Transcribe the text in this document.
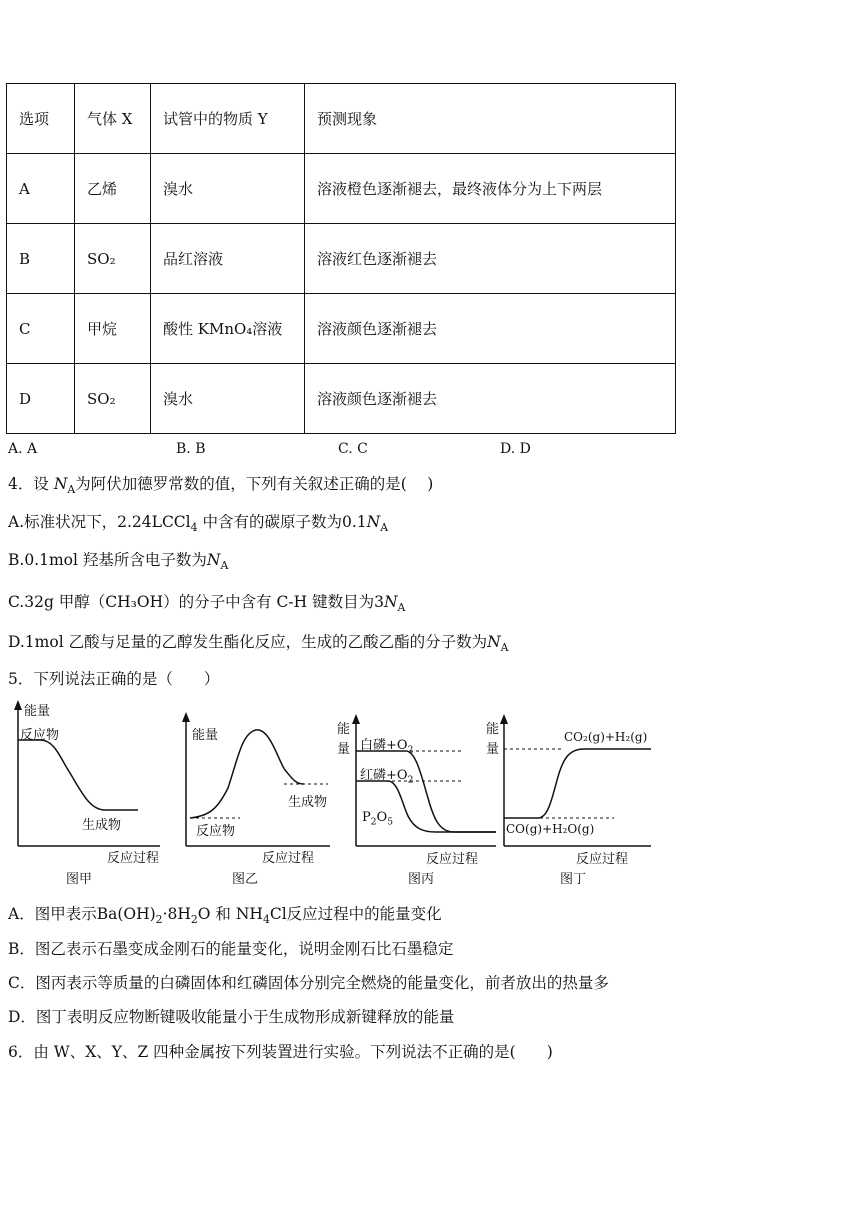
选项	气体 X	试管中的物质 Y	预测现象
A	乙烯	溴水	溶液橙色逐渐褪去，最终液体分为上下两层
B	SO₂	品红溶液	溶液红色逐渐褪去
C	甲烷	酸性 KMnO₄溶液	溶液颜色逐渐褪去
D	SO₂	溴水	溶液颜色逐渐褪去
A. A	B. B	C. C	D. D
4．设 $N_A$为阿伏加德罗常数的值，下列有关叙述正确的是(　 )
A.标准状况下，2.24LCCl$_4$ 中含有的碳原子数为$0.1N_A$
B.0.1mol 羟基所含电子数为$N_A$
C.32g 甲醇（CH₃OH）的分子中含有 C-H 键数目为$3N_A$
D.1mol 乙酸与足量的乙醇发生酯化反应，生成的乙酸乙酯的分子数为$N_A$
5．下列说法正确的是（　　）
能量
反应物
生成物
反应过程
图甲
能量
反应物
生成物
反应过程
图乙
能
量 白磷$+O_2$
红磷$+O_2$
$P_2O_5$
反应过程
图丙
能
量
CO₂(g)+H₂(g)
CO(g)+H₂O(g)
反应过程
图丁
A．图甲表示$Ba(OH)_2\cdot 8H_2O$ 和 $NH_4Cl$反应过程中的能量变化
B．图乙表示石墨变成金刚石的能量变化，说明金刚石比石墨稳定
C．图丙表示等质量的白磷固体和红磷固体分别完全燃烧的能量变化，前者放出的热量多
D．图丁表明反应物断键吸收能量小于生成物形成新键释放的能量
6．由 W、X、Y、Z 四种金属按下列装置进行实验。下列说法不正确的是(　　)
